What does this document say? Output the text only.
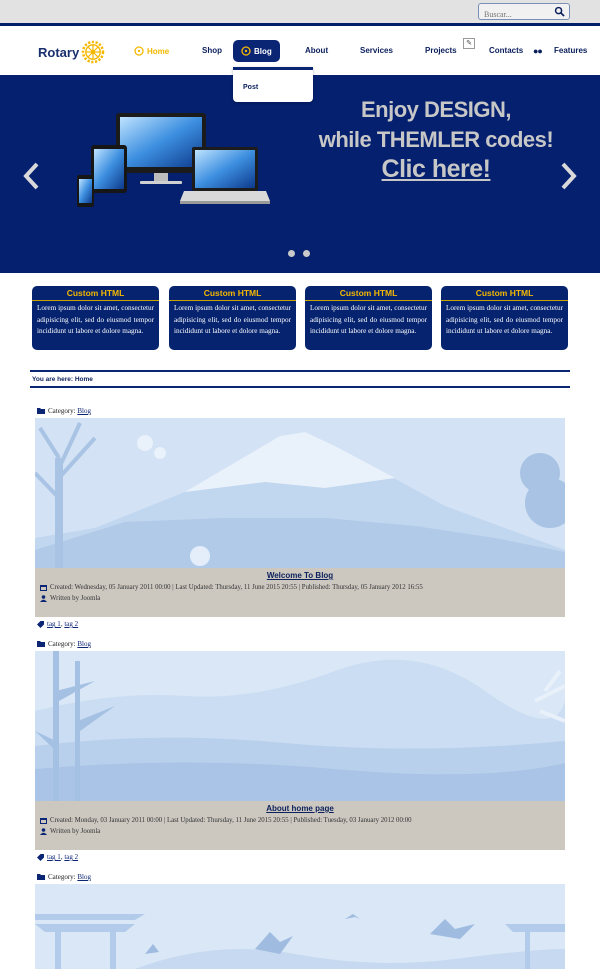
Buscar...
Rotary	Home	Shop	Blog	About	Services	Projects
✎
Contacts ●● Features
Post
Enjoy DESIGN,
while THEMLER codes!
Clic here!
Custom HTML

Lorem ipsum dolor sit amet, consectetur adipisicing elit, sed do eiusmod tempor incididunt ut labore et dolore magna.

Custom HTML

Lorem ipsum dolor sit amet, consectetur adipisicing elit, sed do eiusmod tempor incididunt ut labore et dolore magna.

Custom HTML

Lorem ipsum dolor sit amet, consectetur adipisicing elit, sed do eiusmod tempor incididunt ut labore et dolore magna.

Custom HTML

Lorem ipsum dolor sit amet, consectetur adipisicing elit, sed do eiusmod tempor incididunt ut labore et dolore magna.

You are here: Home
Category:
Blog
Welcome To Blog
Created: Wednesday, 05 January 2011 00:00 | Last Updated: Thursday, 11 June 2015 20:55 | Published: Thursday, 05 January 2012 16:55
Written by Joomla
tag 1 , tag 2
Category:
Blog
About home page
Created: Monday, 03 January 2011 00:00 | Last Updated: Thursday, 11 June 2015 20:55 | Published: Tuesday, 03 January 2012 00:00
Written by Joomla
tag 1 , tag 2
Category:
Blog
